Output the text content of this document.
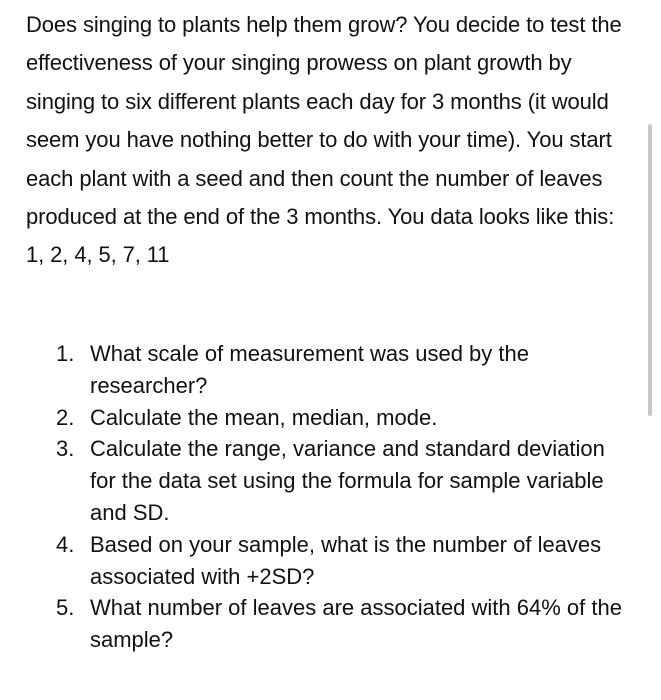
Does singing to plants help them grow? You decide to test the effectiveness of your singing prowess on plant growth by singing to six different plants each day for 3 months (it would seem you have nothing better to do with your time). You start each plant with a seed and then count the number of leaves produced at the end of the 3 months. You data looks like this: 1, 2, 4, 5, 7, 11

1. What scale of measurement was used by the researcher?
2. Calculate the mean, median, mode.
3. Calculate the range, variance and standard deviation for the data set using the formula for sample variable and SD.
4. Based on your sample, what is the number of leaves associated with +2SD?
5. What number of leaves are associated with 64% of the sample?
